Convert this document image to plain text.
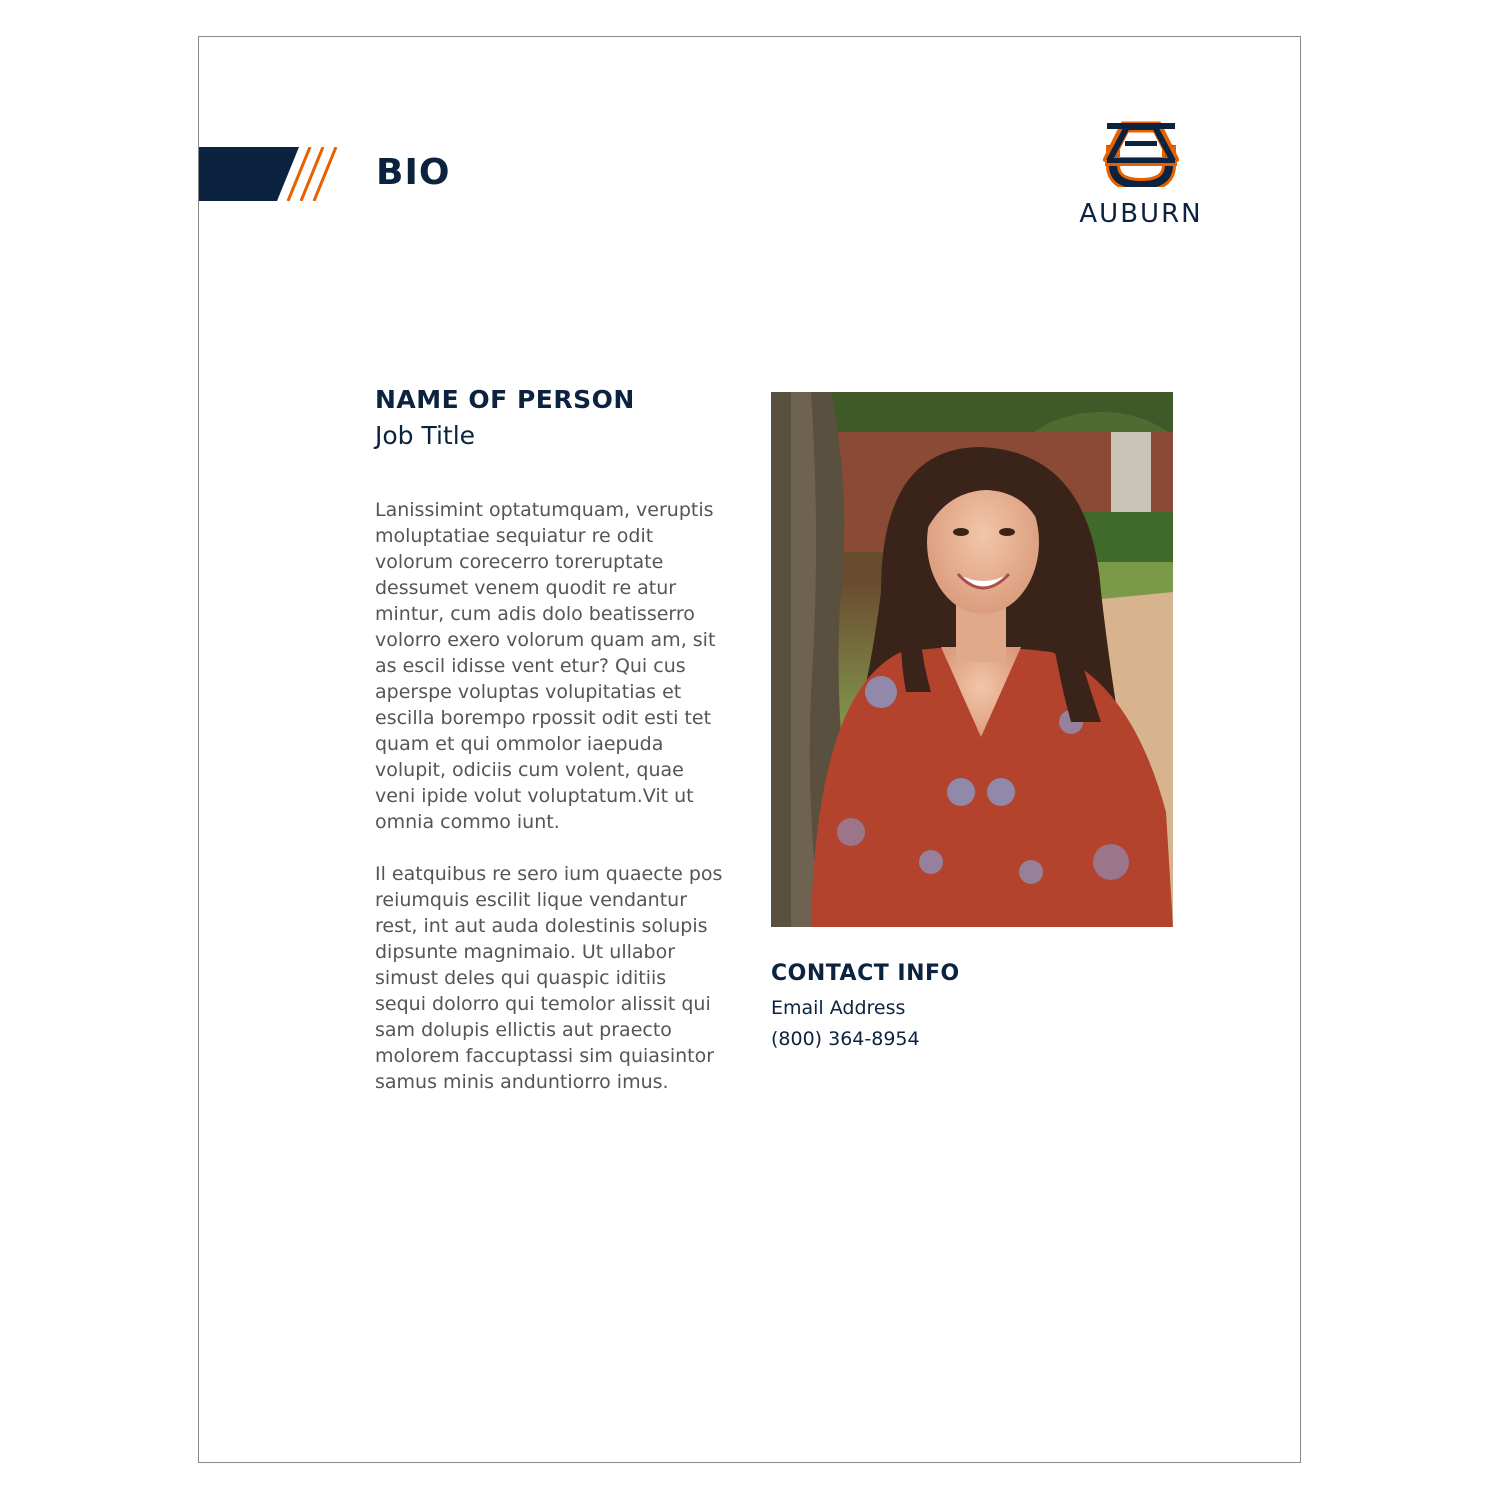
BIO
AUBURN
NAME OF PERSON
Job Title

Lanissimint optatumquam, veruptis moluptatiae sequiatur re odit volorum corecerro toreruptate dessumet venem quodit re atur mintur, cum adis dolo beatisserro volorro exero volorum quam am, sit as escil idisse vent etur? Qui cus aperspe voluptas volupitatias et escilla borempo rpossit odit esti tet quam et qui ommolor iaepuda volupit, odiciis cum volent, quae veni ipide volut voluptatum.Vit ut omnia commo iunt.

Il eatquibus re sero ium quaecte pos reiumquis escilit lique vendantur rest, int aut auda dolestinis solupis dipsunte magnimaio. Ut ullabor simust deles qui quaspic iditiis sequi dolorro qui temolor alissit qui sam dolupis ellictis aut praecto molorem faccuptassi sim quiasintor samus minis anduntiorro imus.

CONTACT INFO
Email Address
(800) 364-8954
